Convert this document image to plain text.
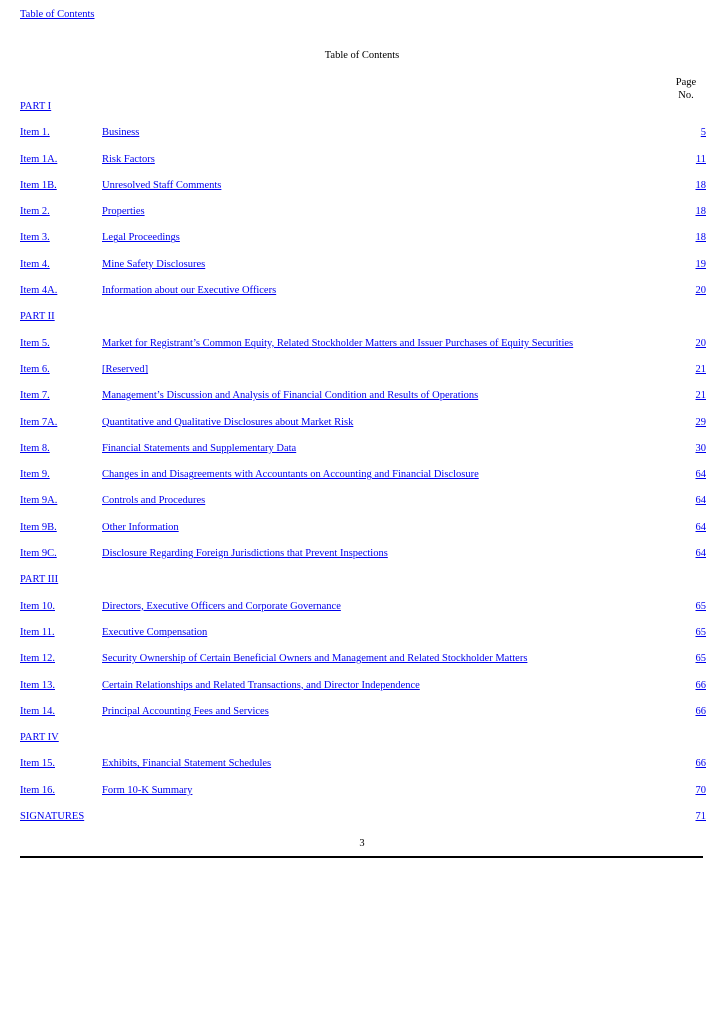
Table of Contents
Table of Contents
Page
No.
PART I
Item 1.	Business	5
Item 1A.	Risk Factors	11
Item 1B.	Unresolved Staff Comments	18
Item 2.	Properties	18
Item 3.	Legal Proceedings	18
Item 4.	Mine Safety Disclosures	19
Item 4A.	Information about our Executive Officers	20
PART II
Item 5.	Market for Registrant’s Common Equity, Related Stockholder Matters and Issuer Purchases of Equity Securities	20
Item 6.	[Reserved]	21
Item 7.	Management’s Discussion and Analysis of Financial Condition and Results of Operations	21
Item 7A.	Quantitative and Qualitative Disclosures about Market Risk	29
Item 8.	Financial Statements and Supplementary Data	30
Item 9.	Changes in and Disagreements with Accountants on Accounting and Financial Disclosure	64
Item 9A.	Controls and Procedures	64
Item 9B.	Other Information	64
Item 9C.	Disclosure Regarding Foreign Jurisdictions that Prevent Inspections	64
PART III
Item 10.	Directors, Executive Officers and Corporate Governance	65
Item 11.	Executive Compensation	65
Item 12.	Security Ownership of Certain Beneficial Owners and Management and Related Stockholder Matters	65
Item 13.	Certain Relationships and Related Transactions, and Director Independence	66
Item 14.	Principal Accounting Fees and Services	66
PART IV
Item 15.	Exhibits, Financial Statement Schedules	66
Item 16.	Form 10-K Summary	70
SIGNATURES	71
3
